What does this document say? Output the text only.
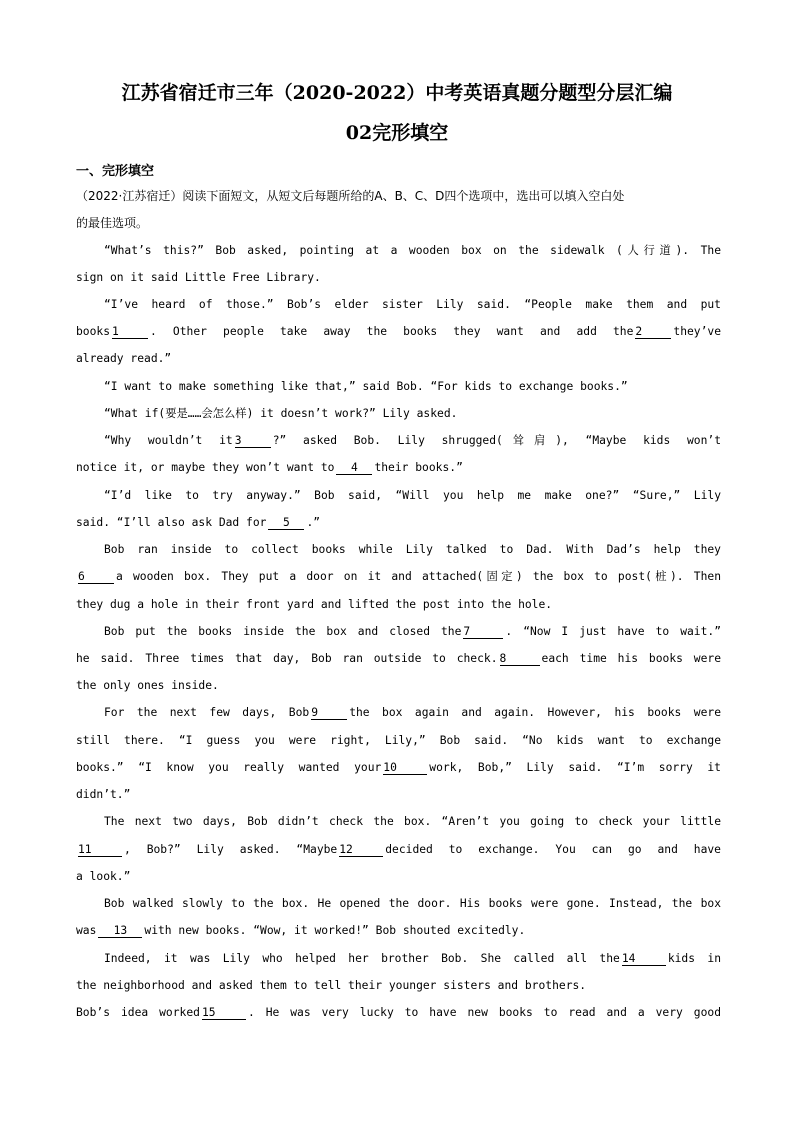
江苏省宿迁市三年（2020-2022）中考英语真题分题型分层汇编
02完形填空
一、完形填空
（2022·江苏宿迁）阅读下面短文，从短文后每题所给的A、B、C、D四个选项中，选出可以填入空白处
的最佳选项。
“What’s this?” Bob asked, pointing at a wooden box on the sidewalk (人行道). The
sign on it said Little Free Library.
“I’ve heard of those.” Bob’s elder sister Lily said. “People make them and put
books 1	. Other people take away the books they want and add the 2	they’ve
already read.”
“I want to make something like that,” said Bob. “For kids to exchange books.”
“What if(要是……会怎么样) it doesn’t work?” Lily asked.
“Why wouldn’t it 3	?” asked Bob. Lily shrugged(耸肩), “Maybe kids won’t
notice it, or maybe they won’t want to 4 their books.”
“I’d like to try anyway.” Bob said, “Will you help me make one?” “Sure,” Lily
said. “I’ll also ask Dad for 5 .”
Bob ran inside to collect books while Lily talked to Dad. With Dad’s help they
6	a wooden box. They put a door on it and attached(固定) the box to post(桩). Then
they dug a hole in their front yard and lifted the post into the hole.
Bob put the books inside the box and closed the 7	. “Now I just have to wait.”
he said. Three times that day, Bob ran outside to check. 8	each time his books were
the only ones inside.
For the next few days, Bob 9	the box again and again. However, his books were
still there. “I guess you were right, Lily,” Bob said. “No kids want to exchange
books.” “I know you really wanted your 10	work, Bob,” Lily said. “I’m sorry it
didn’t.”
The next two days, Bob didn’t check the box. “Aren’t you going to check your little
11	, Bob?” Lily asked. “Maybe 12	decided to exchange. You can go and have
a look.”
Bob walked slowly to the box. He opened the door. His books were gone. Instead, the box
was 13 with new books. “Wow, it worked!” Bob shouted excitedly.
Indeed, it was Lily who helped her brother Bob. She called all the 14	kids in
the neighborhood and asked them to tell their younger sisters and brothers.
Bob’s idea worked 15	. He was very lucky to have new books to read and a very good
